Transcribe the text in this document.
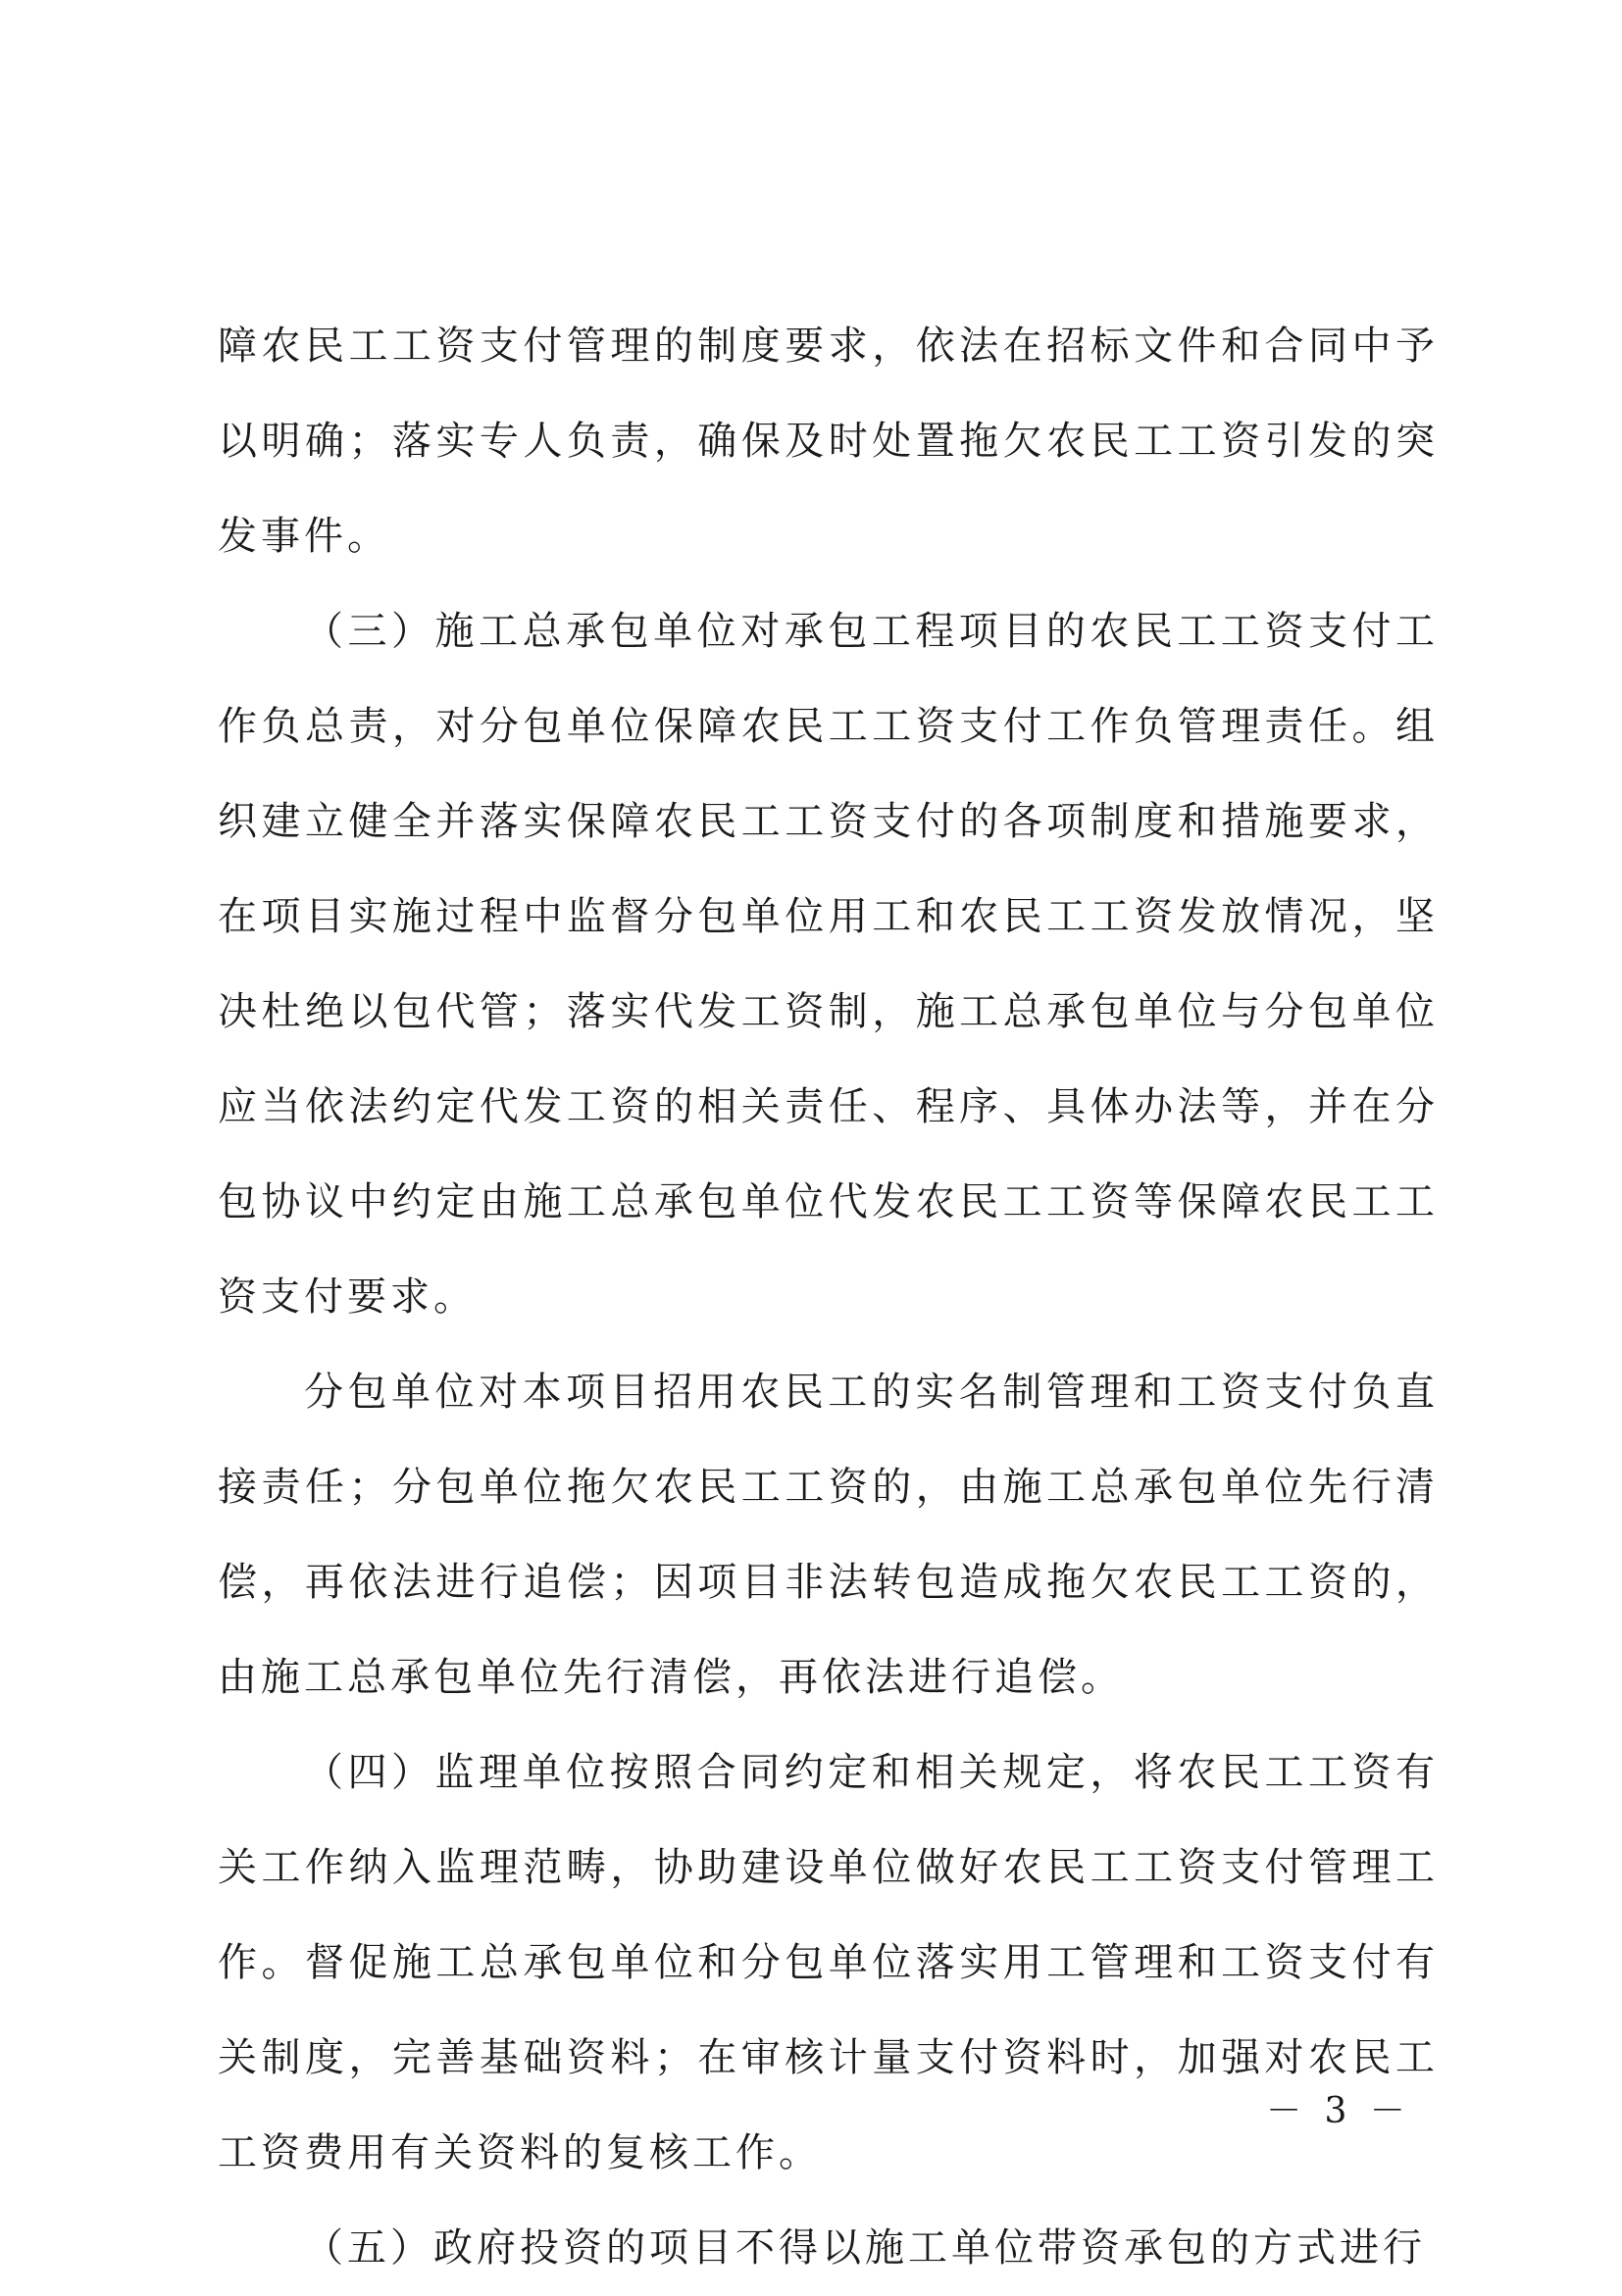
障农民工工资支付管理的制度要求，依法在招标文件和合同中予以明确；落实专人负责，确保及时处置拖欠农民工工资引发的突发事件。

（三）施工总承包单位对承包工程项目的农民工工资支付工作负总责，对分包单位保障农民工工资支付工作负管理责任。组织建立健全并落实保障农民工工资支付的各项制度和措施要求，在项目实施过程中监督分包单位用工和农民工工资发放情况，坚决杜绝以包代管；落实代发工资制，施工总承包单位与分包单位应当依法约定代发工资的相关责任、程序、具体办法等，并在分包协议中约定由施工总承包单位代发农民工工资等保障农民工工资支付要求。

分包单位对本项目招用农民工的实名制管理和工资支付负直接责任；分包单位拖欠农民工工资的，由施工总承包单位先行清偿，再依法进行追偿；因项目非法转包造成拖欠农民工工资的，由施工总承包单位先行清偿，再依法进行追偿。

（四）监理单位按照合同约定和相关规定，将农民工工资有关工作纳入监理范畴，协助建设单位做好农民工工资支付管理工作。督促施工总承包单位和分包单位落实用工管理和工资支付有关制度，完善基础资料；在审核计量支付资料时，加强对农民工工资费用有关资料的复核工作。

（五）政府投资的项目不得以施工单位带资承包的方式进行

－ 3 －
